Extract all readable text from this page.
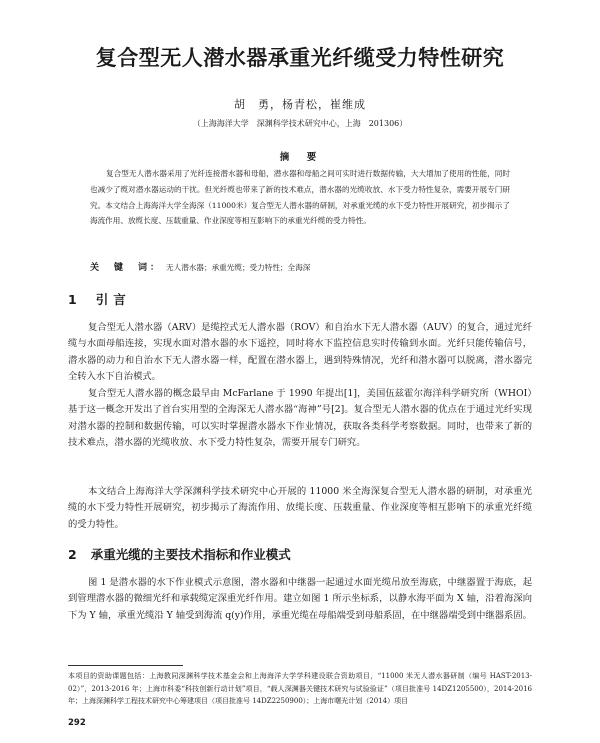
复合型无人潜水器承重光纤缆受力特性研究
胡　勇，杨青松，崔维成
（上海海洋大学　深渊科学技术研究中心，上海　201306）
摘　要

复合型无人潜水器采用了光纤连接潜水器和母船，潜水器和母船之间可实时进行数据传输，大大增加了使用的性能，同时也减少了缆对潜水器运动的干扰。但光纤缆也带来了新的技术难点，潜水器的光缆收放、水下受力特性复杂，需要开展专门研究。本文结合上海海洋大学全海深（11000米）复合型无人潜水器的研制，对承重光缆的水下受力特性开展研究，初步揭示了海流作用、放缆长度、压载重量、作业深度等相互影响下的承重光纤缆的受力特性。

关　键　词： 无人潜水器；承重光缆；受力特性；全海深
1 引言

复合型无人潜水器（ARV）是缆控式无人潜水器（ROV）和自治水下无人潜水器（AUV）的复合，通过光纤缆与水面母船连接，实现水面对潜水器的水下遥控，同时将水下监控信息实时传输到水面。光纤只能传输信号，潜水器的动力和自治水下无人潜水器一样，配置在潜水器上，遇到特殊情况，光纤和潜水器可以脱离，潜水器完全转入水下自治模式。

复合型无人潜水器的概念最早由 McFarlane 于 1990 年提出[1]，美国伍兹霍尔海洋科学研究所（WHOI）基于这一概念开发出了首台实用型的全海深无人潜水器“海神”号[2]。复合型无人潜水器的优点在于通过光纤实现对潜水器的控制和数据传输，可以实时掌握潜水器水下作业情况，获取各类科学考察数据。同时，也带来了新的技术难点，潜水器的光缆收放、水下受力特性复杂，需要开展专门研究。

本文结合上海海洋大学深渊科学技术研究中心开展的 11000 米全海深复合型无人潜水器的研制，对承重光缆的水下受力特性开展研究，初步揭示了海流作用、放缆长度、压载重量、作业深度等相互影响下的承重光纤缆的受力特性。

2 承重光缆的主要技术指标和作业模式

图 1 是潜水器的水下作业模式示意图，潜水器和中继器一起通过水面光缆吊放至海底，中继器置于海底，起到管理潜水器的微细光纤和承载缆定深重光纤作用。建立如图 1 所示坐标系，以静水海平面为 X 轴，沿着海深向下为 Y 轴，承重光缆沿 Y 轴受到海流 q(y)作用，承重光缆在母船端受到母船系固，在中继器端受到中继器系固。

本项目的资助课题包括：上海教同深渊科学技术基金会和上海海洋大学学科建设联合资助项目，“11000 米无人潜水器研制（编号 HAST-2013-02）”，2013-2016 年；上海市科委“科技创新行动计划”项目，“载人深渊器关键技术研究与试验验证”（项目批准号 14DZ1205500），2014-2016 年；上海深渊科学工程技术研究中心筹建项目（项目批准号 14DZ2250900）；上海市曙光计划（2014）项目

292
